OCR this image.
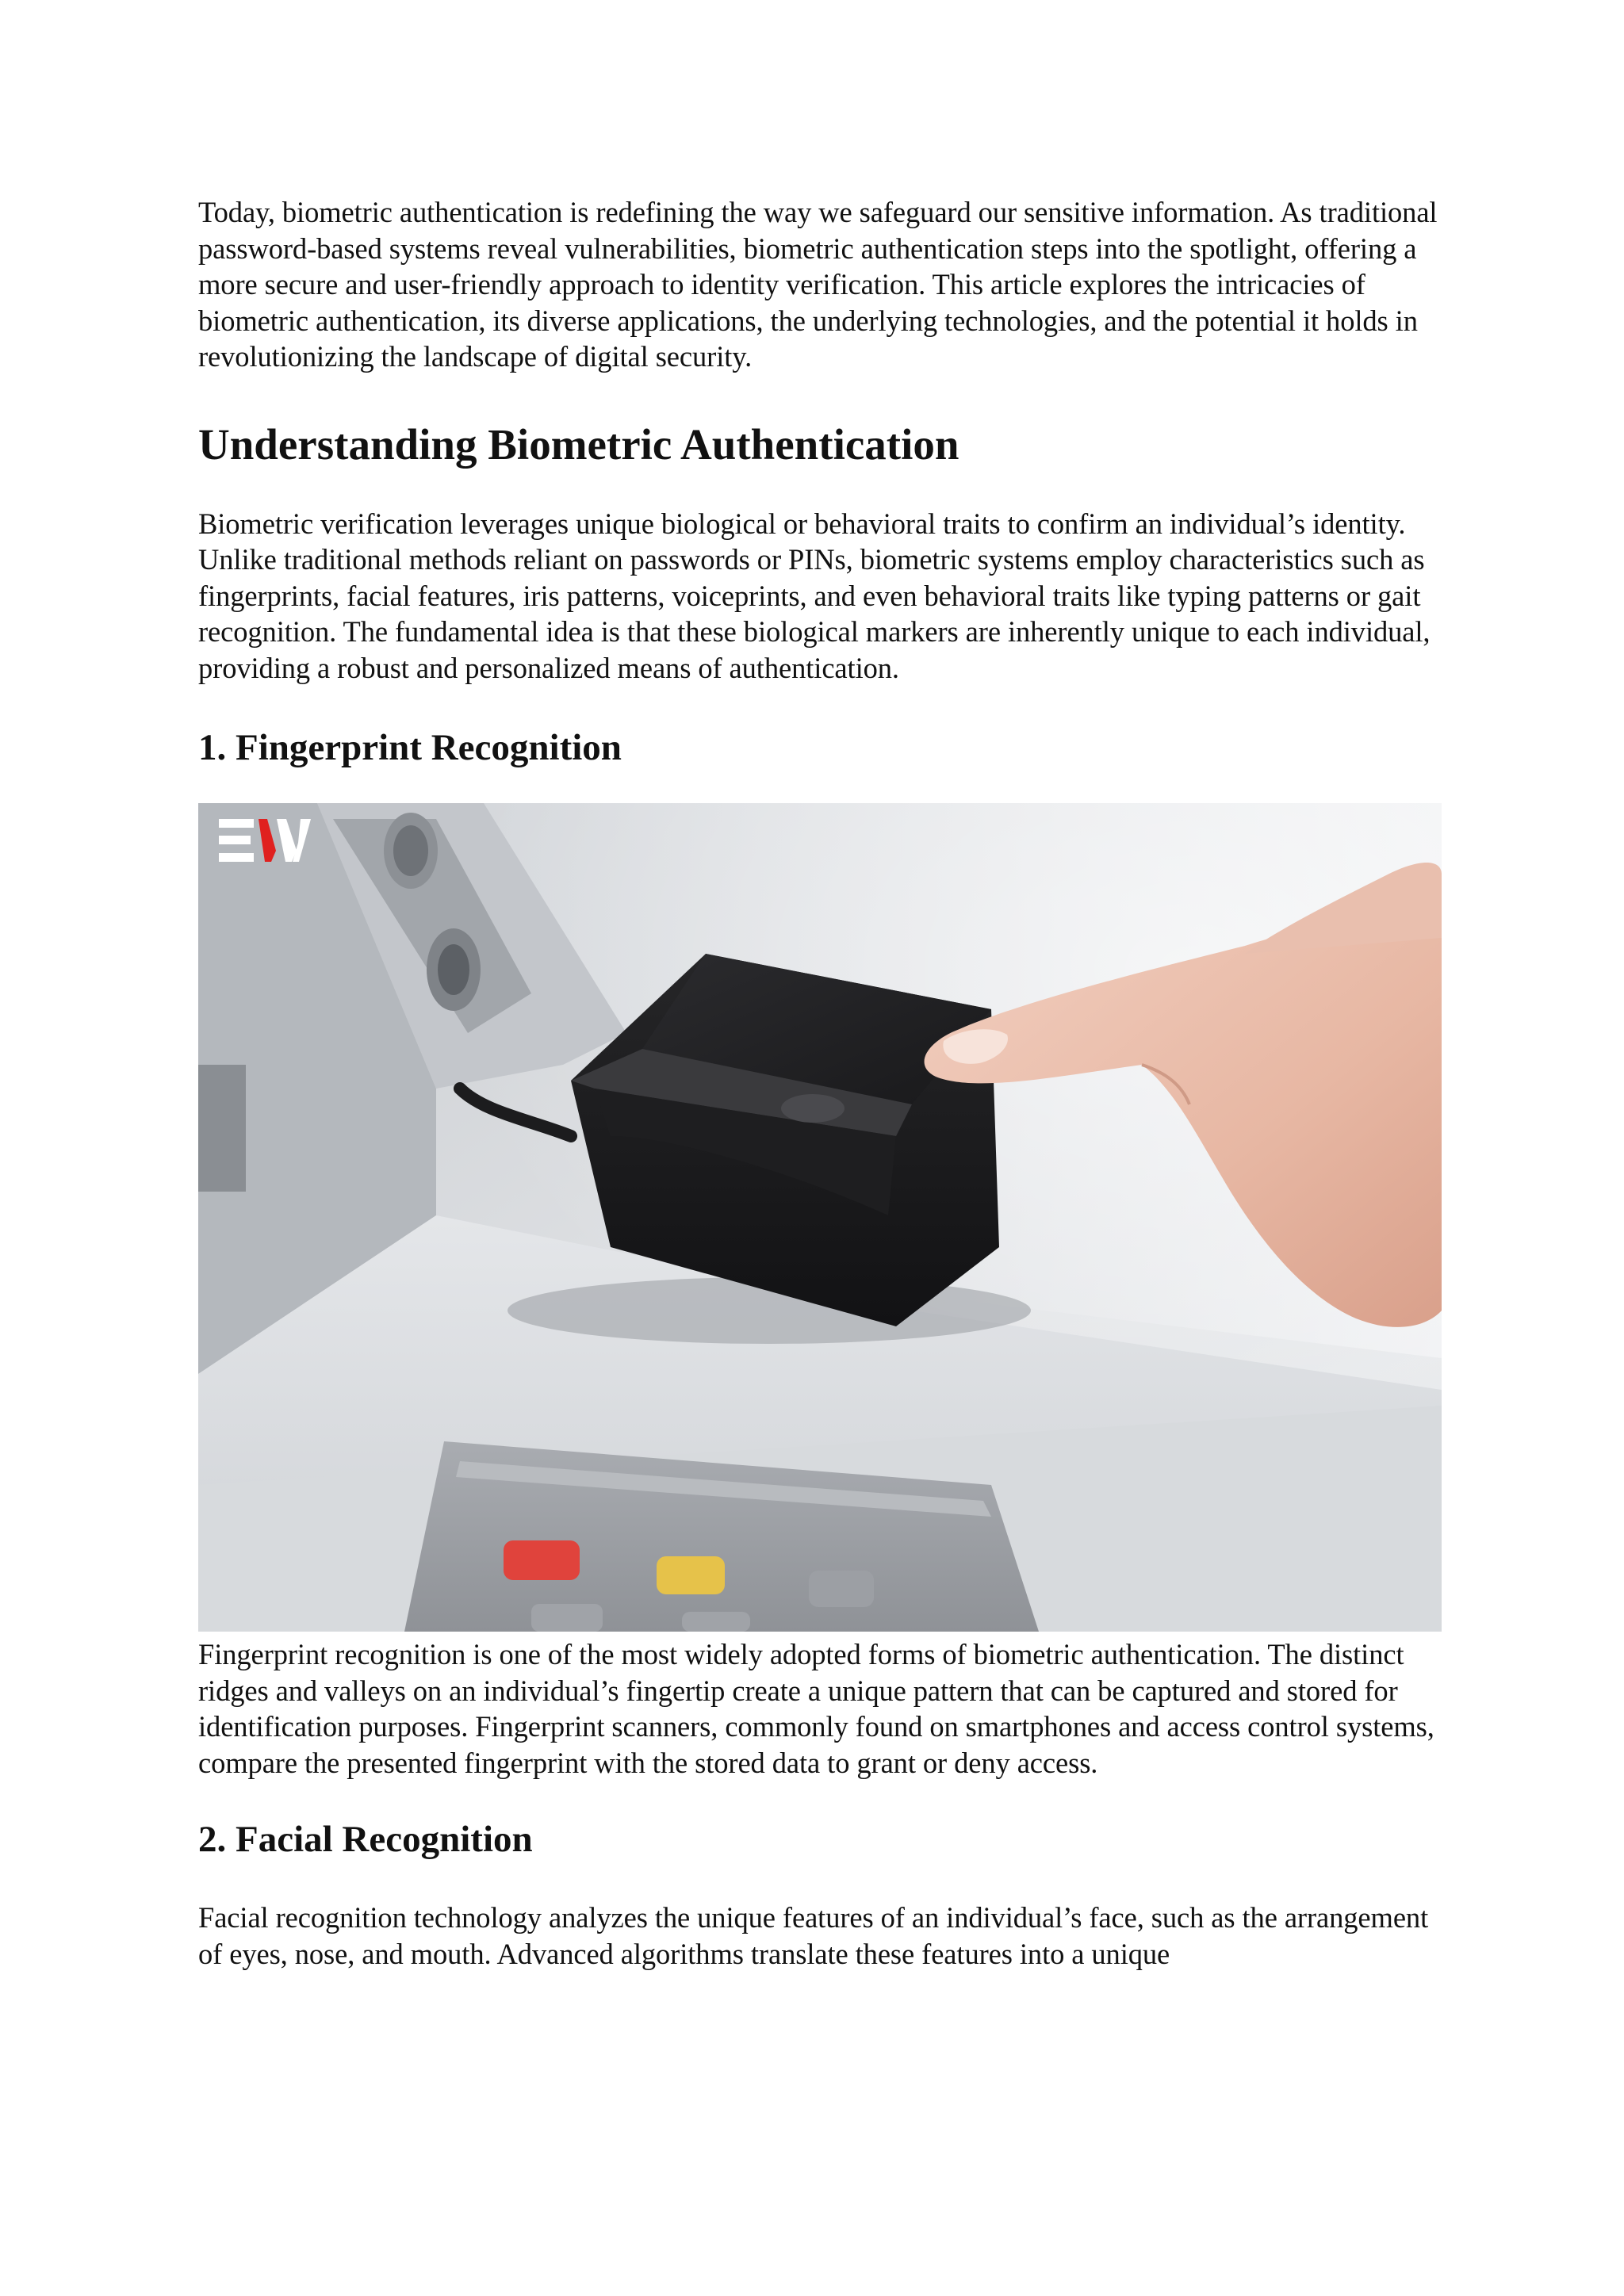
Today, biometric authentication is redefining the way we safeguard our sensitive information. As traditional password-based systems reveal vulnerabilities, biometric authentication steps into the spotlight, offering a more secure and user-friendly approach to identity verification. This article explores the intricacies of biometric authentication, its diverse applications, the underlying technologies, and the potential it holds in revolutionizing the landscape of digital security.

Understanding Biometric Authentication

Biometric verification leverages unique biological or behavioral traits to confirm an individual’s identity. Unlike traditional methods reliant on passwords or PINs, biometric systems employ characteristics such as fingerprints, facial features, iris patterns, voiceprints, and even behavioral traits like typing patterns or gait recognition. The fundamental idea is that these biological markers are inherently unique to each individual, providing a robust and personalized means of authentication.

1. Fingerprint Recognition

Fingerprint recognition is one of the most widely adopted forms of biometric authentication. The distinct ridges and valleys on an individual’s fingertip create a unique pattern that can be captured and stored for identification purposes. Fingerprint scanners, commonly found on smartphones and access control systems, compare the presented fingerprint with the stored data to grant or deny access.

2. Facial Recognition

Facial recognition technology analyzes the unique features of an individual’s face, such as the arrangement of eyes, nose, and mouth. Advanced algorithms translate these features into a unique
